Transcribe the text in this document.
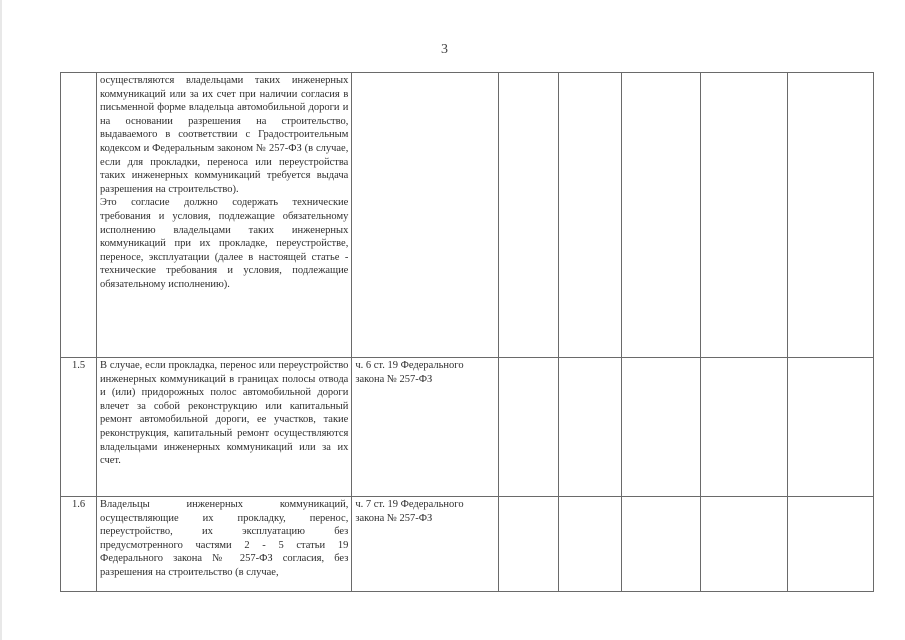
3

	осуществляются владельцами таких инженерных коммуникаций или за их счет при наличии согласия в письменной форме владельца автомобильной дороги и на основании разрешения на строительство, выдаваемого в соответствии с Градостроительным кодексом и Федеральным законом № 257-ФЗ (в случае, если для прокладки, переноса или переустройства таких инженерных коммуникаций требуется выдача разрешения на строительство).
Это согласие должно содержать технические требования и условия, подлежащие обязательному исполнению владельцами таких инженерных коммуникаций при их прокладке, переустройстве, переносе, эксплуатации (далее в настоящей статье - технические требования и условия, подлежащие обязательному исполнению).						

1.5	В случае, если прокладка, перенос или переустройство инженерных коммуникаций в границах полосы отвода и (или) придорожных полос автомобильной дороги влечет за собой реконструкцию или капитальный ремонт автомобильной дороги, ее участков, такие реконструкция, капитальный ремонт осуществляются владельцами инженерных коммуникаций или за их счет.	ч. 6 ст. 19 Федерального закона № 257-ФЗ					
1.6	Владельцы инженерных коммуникаций, осуществляющие их прокладку, перенос, переустройство, их эксплуатацию без предусмотренного частями 2 - 5 статьи 19 Федерального закона № 257-ФЗ согласия, без разрешения на строительство (в случае,	ч. 7 ст. 19 Федерального закона № 257-ФЗ					
